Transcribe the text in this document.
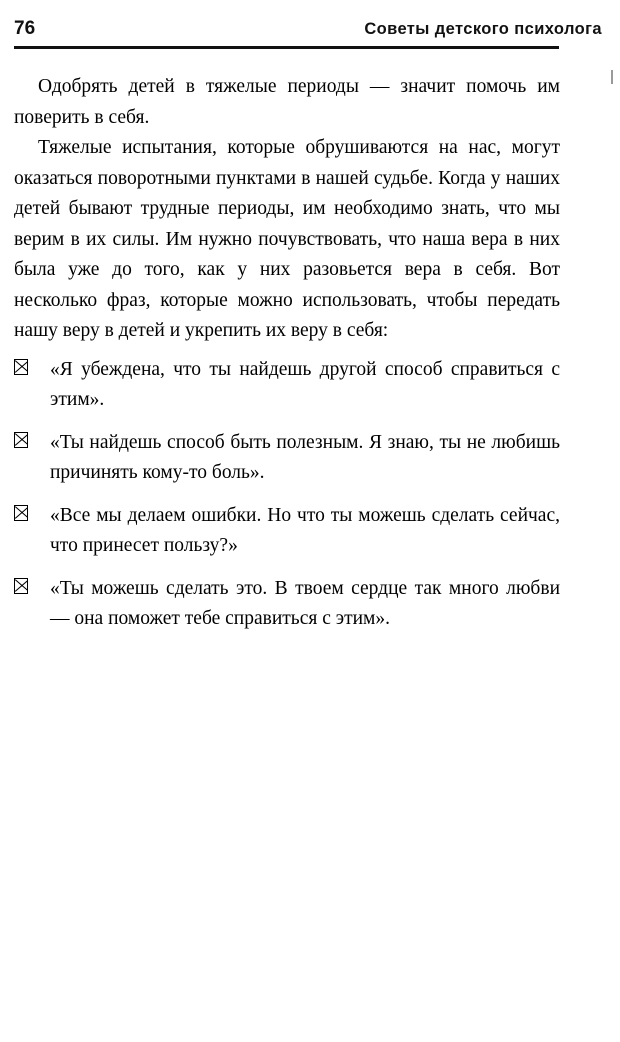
76	Советы детского психолога

Одобрять детей в тяжелые периоды — значит помочь им поверить в себя.

Тяжелые испытания, которые обрушиваются на нас, могут оказаться поворотными пунктами в нашей судьбе. Когда у наших детей бывают трудные периоды, им необходимо знать, что мы верим в их силы. Им нужно почувствовать, что наша вера в них была уже до того, как у них разовьется вера в себя. Вот несколько фраз, которые можно использовать, чтобы передать нашу веру в детей и укрепить их веру в себя:

«Я убеждена, что ты найдешь другой способ справиться с этим».
«Ты найдешь способ быть полезным. Я знаю, ты не любишь причинять кому-то боль».
«Все мы делаем ошибки. Но что ты можешь сделать сейчас, что принесет пользу?»
«Ты можешь сделать это. В твоем сердце так много любви — она поможет тебе справиться с этим».
